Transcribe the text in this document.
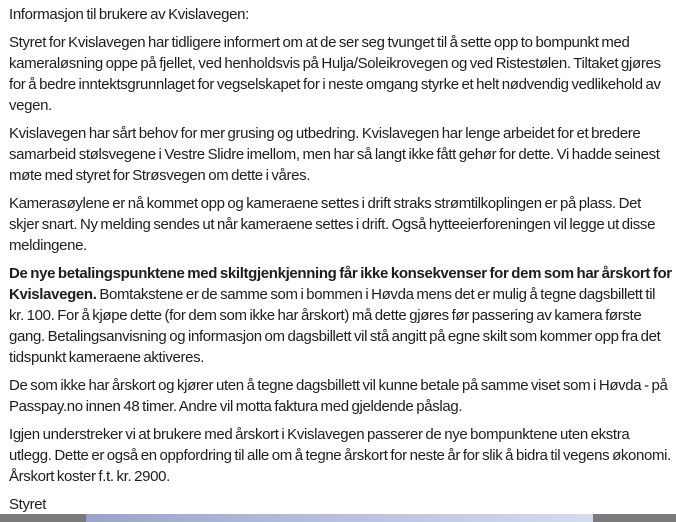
Informasjon til brukere av Kvislavegen:

Styret for Kvislavegen har tidligere informert om at de ser seg tvunget til å sette opp to bompunkt med kameraløsning oppe på fjellet, ved henholdsvis på Hulja/Soleikrovegen og ved Ristestølen. Tiltaket gjøres for å bedre inntektsgrunnlaget for vegselskapet for i neste omgang styrke et helt nødvendig vedlikehold av vegen.

Kvislavegen har sårt behov for mer grusing og utbedring. Kvislavegen har lenge arbeidet for et bredere samarbeid stølsvegene i Vestre Slidre imellom, men har så langt ikke fått gehør for dette. Vi hadde seinest møte med styret for Strøsvegen om dette i våres.

Kamerasøylene er nå kommet opp og kameraene settes i drift straks strømtilkoplingen er på plass. Det skjer snart. Ny melding sendes ut når kameraene settes i drift. Også hytteeierforeningen vil legge ut disse meldingene.

De nye betalingspunktene med skiltgjenkjenning får ikke konsekvenser for dem som har årskort for Kvislavegen. Bomtakstene er de samme som i bommen i Høvda mens det er mulig å tegne dagsbillett til kr. 100. For å kjøpe dette (for dem som ikke har årskort) må dette gjøres før passering av kamera første gang. Betalingsanvisning og informasjon om dagsbillett vil stå angitt på egne skilt som kommer opp fra det tidspunkt kameraene aktiveres.

De som ikke har årskort og kjører uten å tegne dagsbillett vil kunne betale på samme viset som i Høvda - på Passpay.no innen 48 timer. Andre vil motta faktura med gjeldende påslag.

Igjen understreker vi at brukere med årskort i Kvislavegen passerer de nye bompunktene uten ekstra utlegg. Dette er også en oppfordring til alle om å tegne årskort for neste år for slik å bidra til vegens økonomi. Årskort koster f.t. kr. 2900.

Styret
